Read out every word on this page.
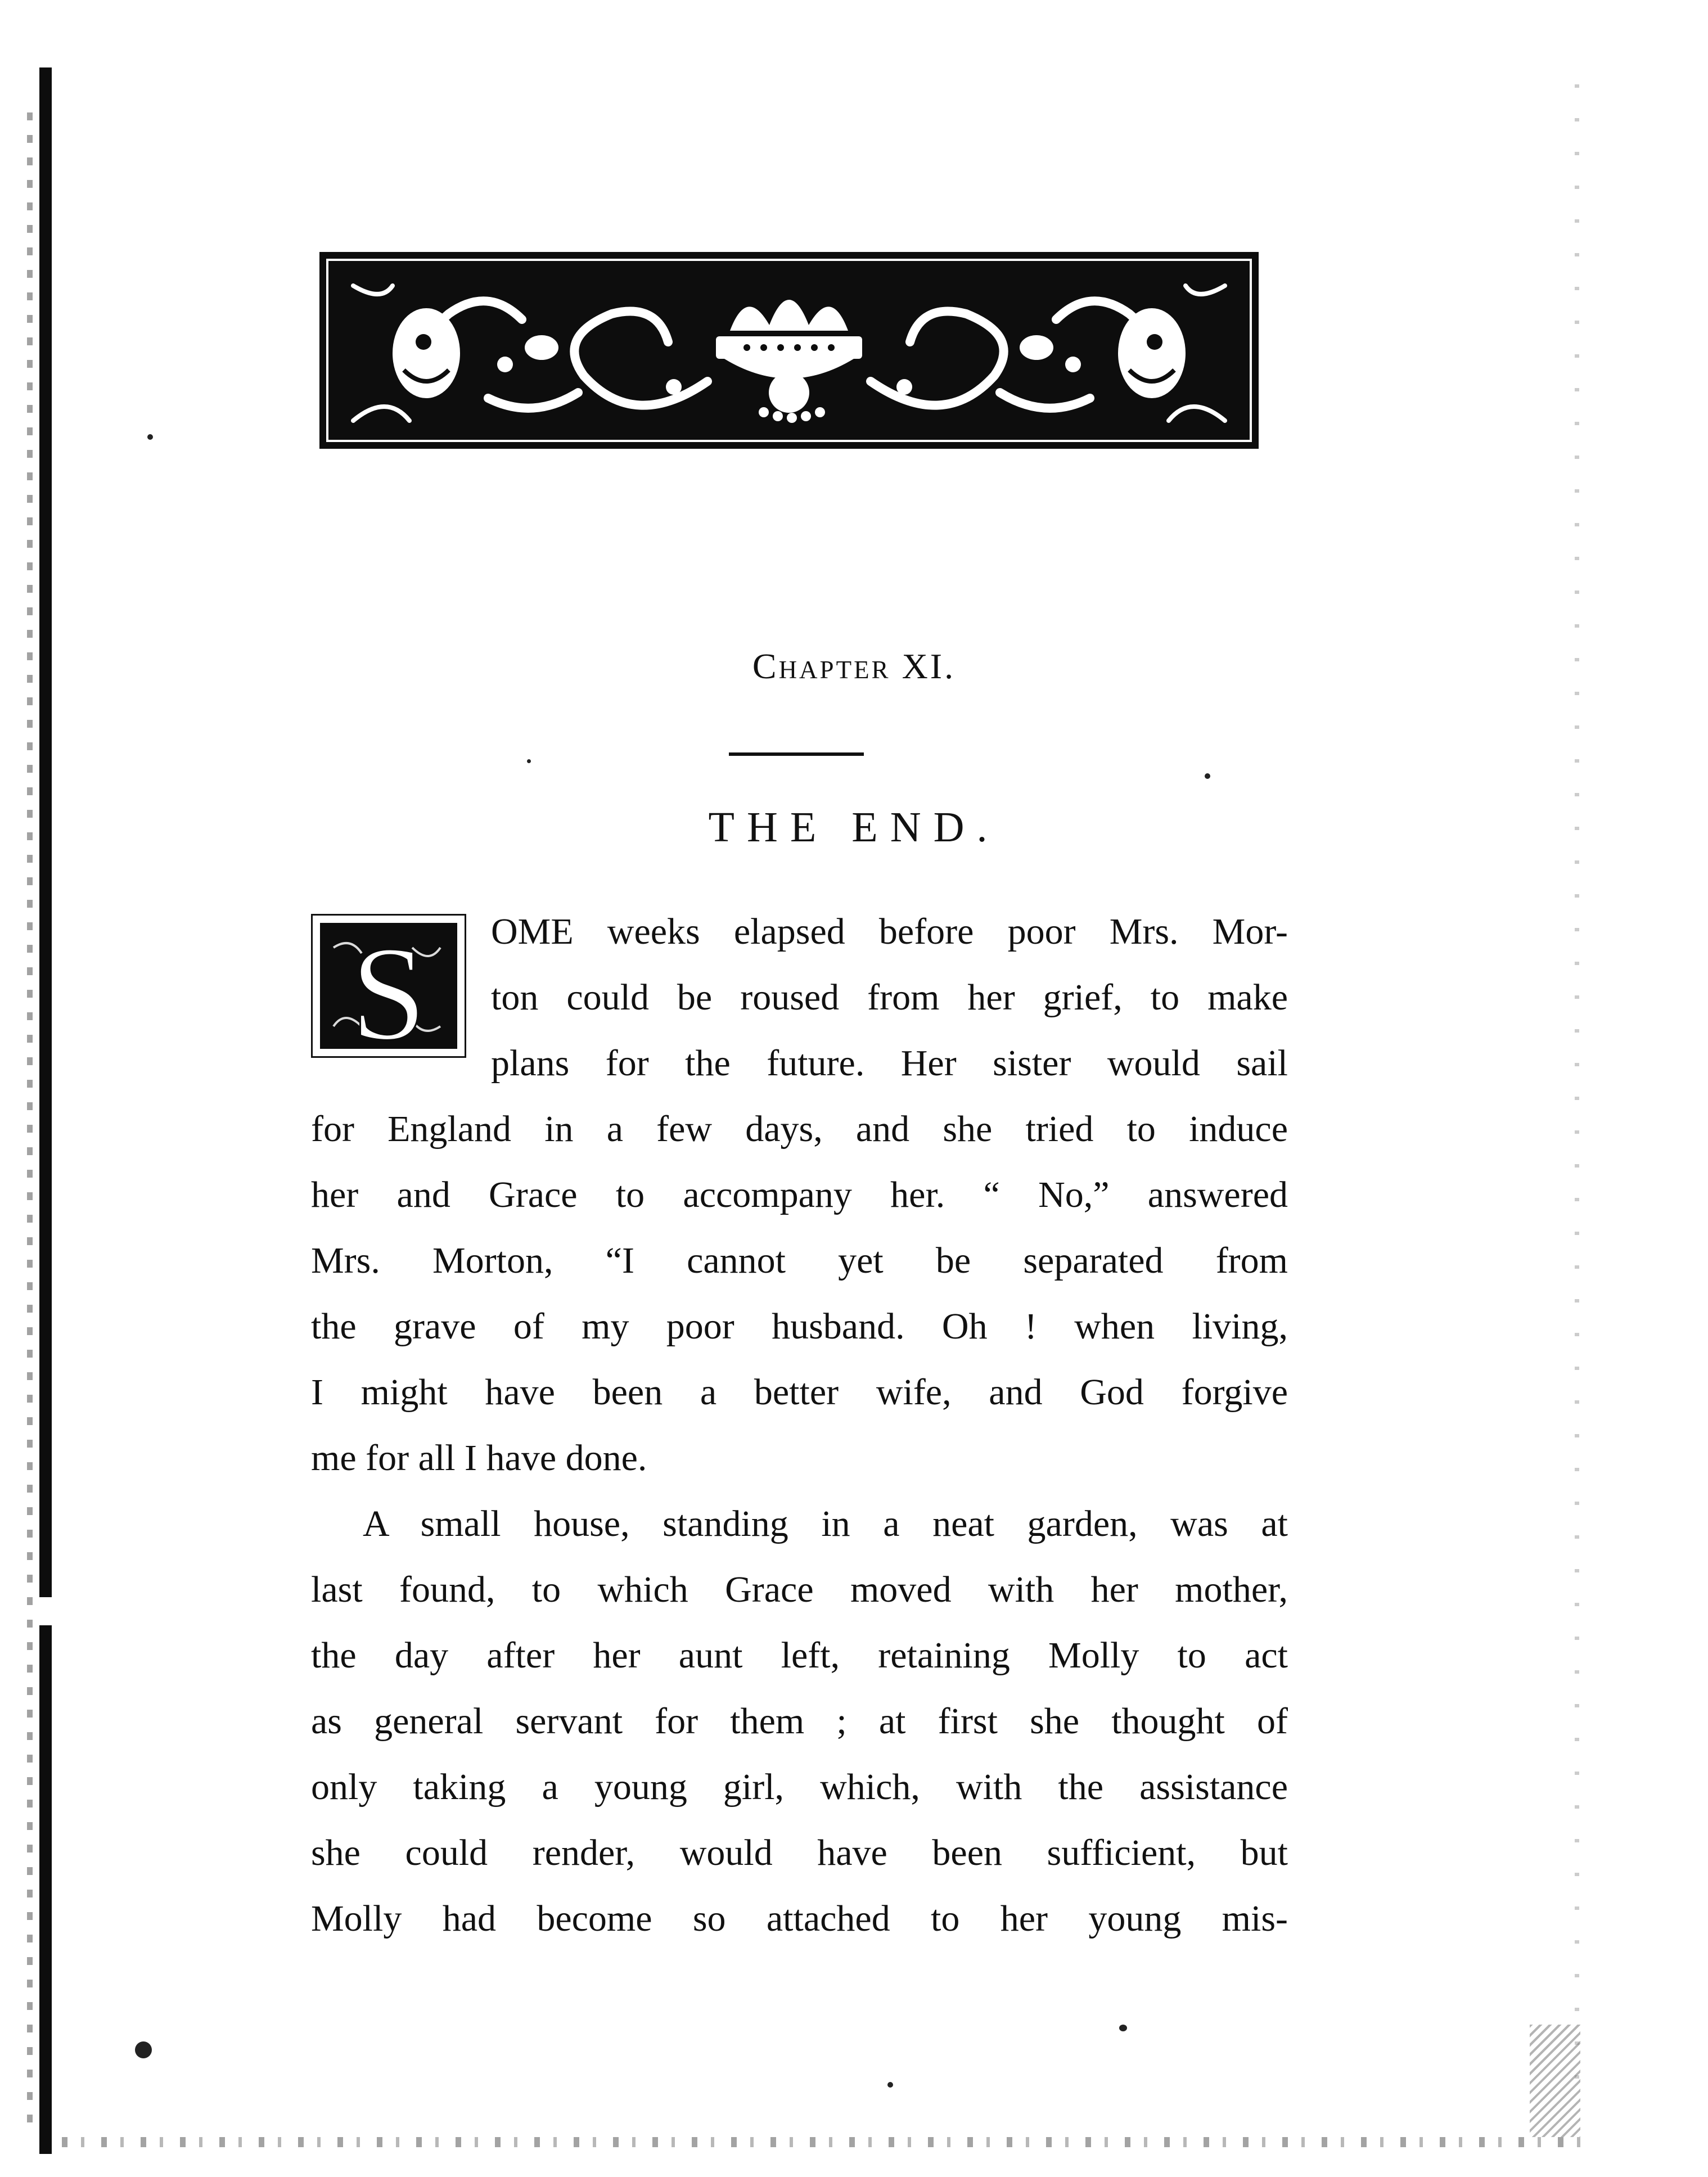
Chapter XI.
THE END.
S OME weeks elapsed before poor Mrs. Mor-
ton could be roused from her grief, to make
plans for the future. Her sister would sail
for England in a few days, and she tried to induce
her and Grace to accompany her. “ No,” answered
Mrs. Morton, “I cannot yet be separated from
the grave of my poor husband. Oh ! when living,
I might have been a better wife, and God forgive
me for all I have done.
A small house, standing in a neat garden, was at
last found, to which Grace moved with her mother,
the day after her aunt left, retaining Molly to act
as general servant for them ; at first she thought of
only taking a young girl, which, with the assistance
she could render, would have been sufficient, but
Molly had become so attached to her young mis-
